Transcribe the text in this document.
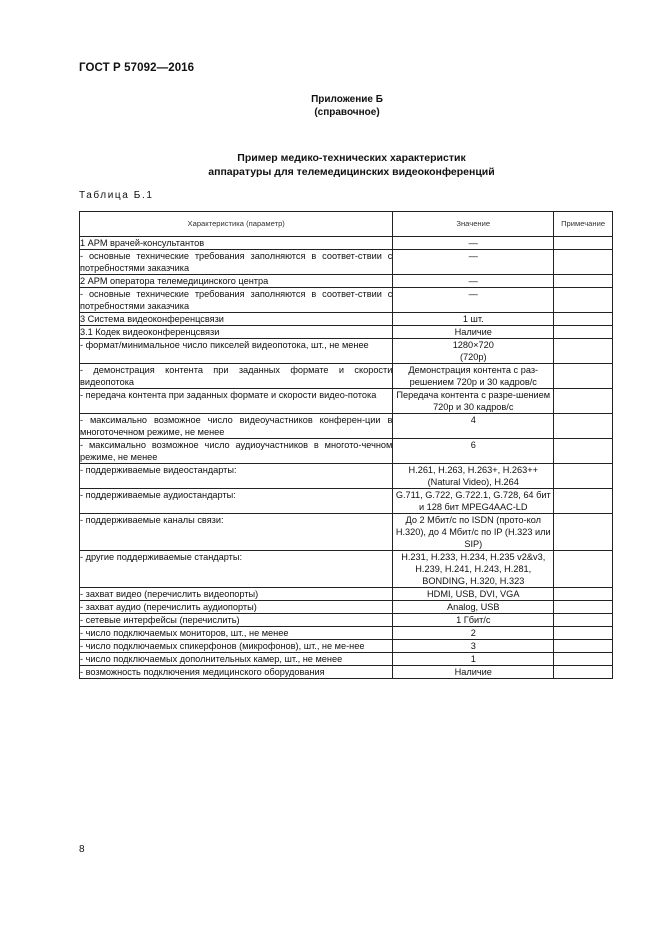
ГОСТ Р 57092—2016
Приложение Б
(справочное)
Пример медико-технических характеристик
аппаратуры для телемедицинских видеоконференций
Таблица Б.1
Характеристика (параметр)	Значение	Примечание
1 АРМ врачей-консультантов	—	
- основные технические требования заполняются в соответ-ствии с потребностями заказчика	—	
2 АРМ оператора телемедицинского центра	—	
- основные технические требования заполняются в соответ-ствии с потребностями заказчика	—	
3 Система видеоконференцсвязи	1 шт.	
3.1 Кодек видеоконференцсвязи	Наличие	
- формат/минимальное число пикселей видеопотока, шт., не менее	1280×720
(720p)	
- демонстрация контента при заданных формате и скорости видеопотока	Демонстрация контента с раз-решением 720p и 30 кадров/с	
- передача контента при заданных формате и скорости видео-потока	Передача контента с разре-шением 720p и 30 кадров/с	
- максимально возможное число видеоучастников конферен-ции в многоточечном режиме, не менее	4	
- максимально возможное число аудиоучастников в многото-чечном режиме, не менее	6	
- поддерживаемые видеостандарты:	H.261, H.263, H.263+, H.263++ (Natural Video), H.264	
- поддерживаемые аудиостандарты:	G.711, G.722, G.722.1, G.728, 64 бит и 128 бит MPEG4AAC-LD	
- поддерживаемые каналы связи:	До 2 Мбит/с по ISDN (прото-кол H.320), до 4 Мбит/с по IP (H.323 или SIP)	
- другие поддерживаемые стандарты:	H.231, H.233, H.234, H.235 v2&v3, H.239, H.241, H.243, H.281, BONDING, H.320, H.323	
- захват видео (перечислить видеопорты)	HDMI, USB, DVI, VGA	
- захват аудио (перечислить аудиопорты)	Analog, USB	
- сетевые интерфейсы (перечислить)	1 Гбит/с	
- число подключаемых мониторов, шт., не менее	2	
- число подключаемых спикерфонов (микрофонов), шт., не ме-нее	3	
- число подключаемых дополнительных камер, шт., не менее	1	
- возможность подключения медицинского оборудования	Наличие	
8
